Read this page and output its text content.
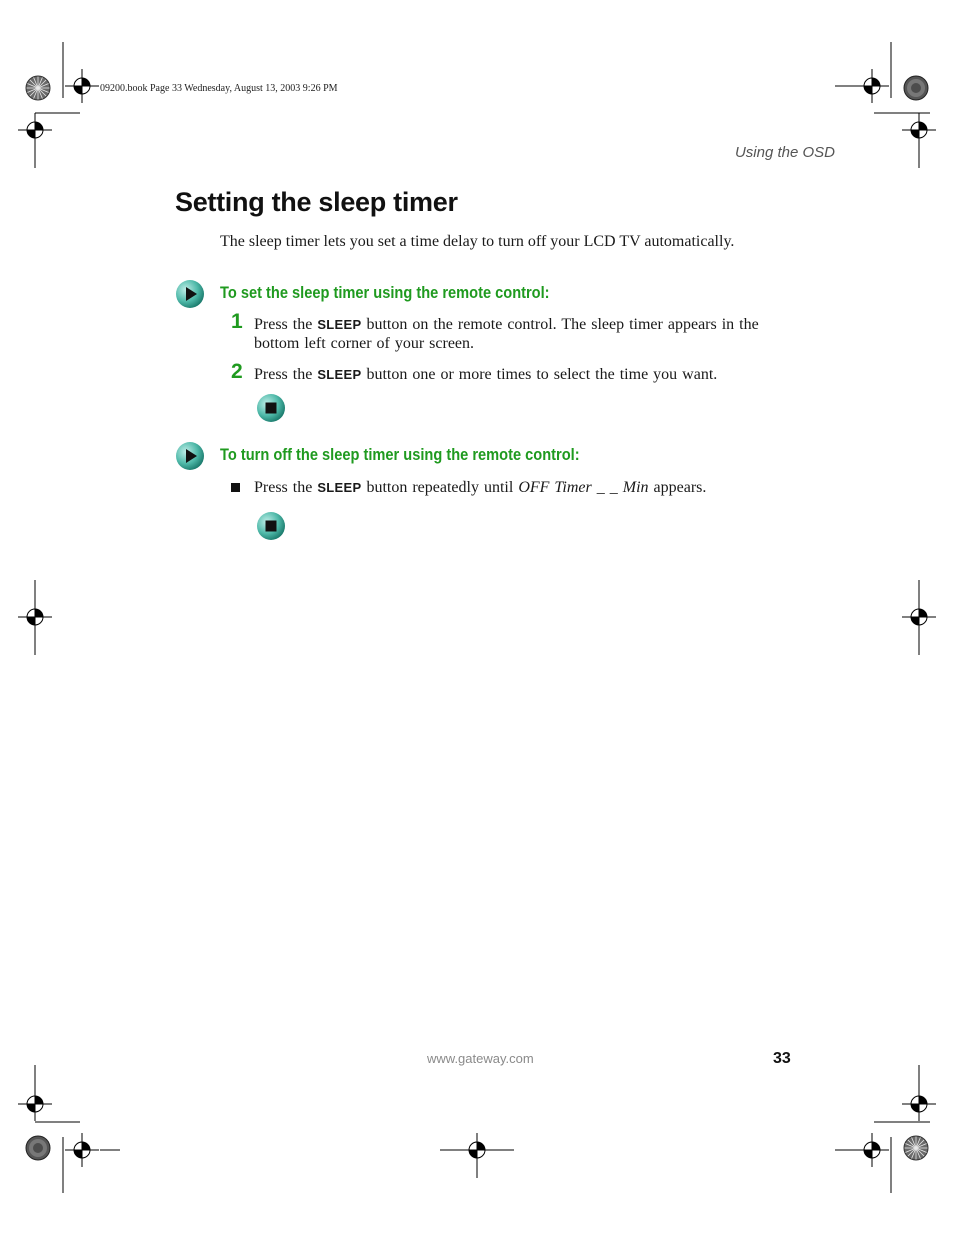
09200.book Page 33 Wednesday, August 13, 2003 9:26 PM
Using the OSD
Setting the sleep timer
The sleep timer lets you set a time delay to turn off your LCD TV automatically.
To set the sleep timer using the remote control:
1 Press the SLEEP button on the remote control. The sleep timer appears in the bottom left corner of your screen.
2 Press the SLEEP button one or more times to select the time you want.
To turn off the sleep timer using the remote control:
Press the SLEEP button repeatedly until OFF Timer _ _ Min appears.
www.gateway.com	33
